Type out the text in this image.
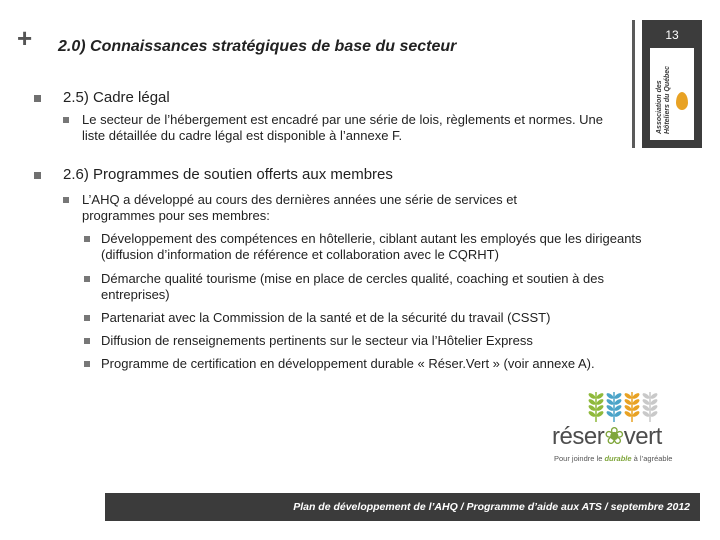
+ 2.0) Connaissances stratégiques de base du secteur
13
Association des Hôteliers du Québec
2.5) Cadre légal
Le secteur de l’hébergement est encadré par une série de lois, règlements et normes. Une liste détaillée du cadre légal est disponible à l’annexe F.
2.6) Programmes de soutien offerts aux membres
L’AHQ a développé au cours des dernières années une série de services et programmes pour ses membres:
Développement des compétences en hôtellerie, ciblant autant les employés que les dirigeants (diffusion d’information de référence et collaboration avec le CQRHT)
Démarche qualité tourisme (mise en place de cercles qualité, coaching et soutien à des entreprises)
Partenariat avec la Commission de la santé et de la sécurité du travail (CSST)
Diffusion de renseignements pertinents sur le secteur via l’Hôtelier Express
Programme de certification en développement durable « Réser.Vert » (voir annexe A).
réser❀vert
Pour joindre le durable à l’agréable
Plan de développement de l’AHQ / Programme d’aide aux ATS / septembre 2012
